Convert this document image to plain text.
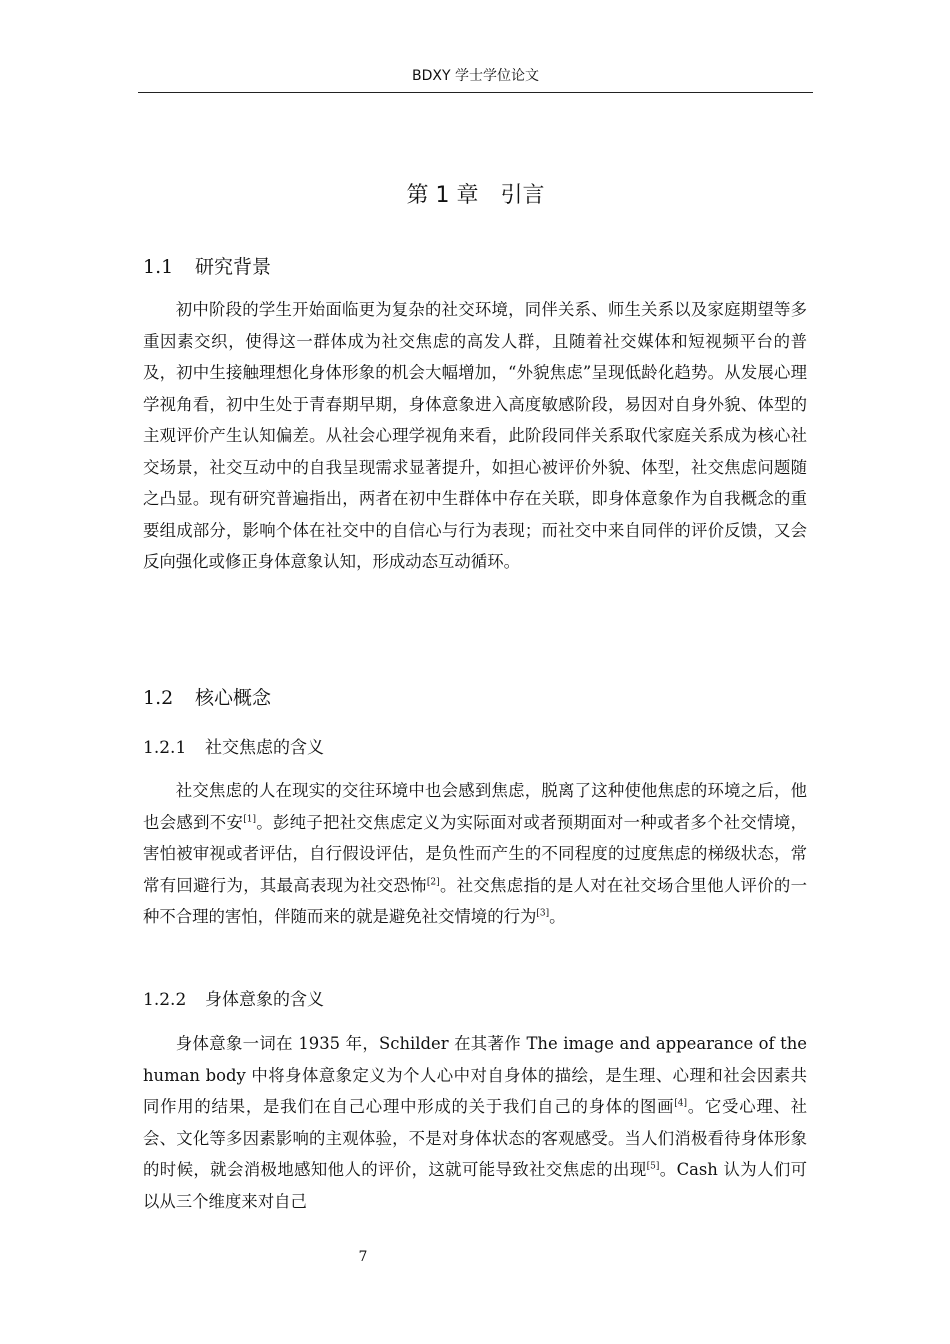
BDXY 学士学位论文
第 1 章 引言
1.1 研究背景

初中阶段的学生开始面临更为复杂的社交环境，同伴关系、师生关系以及家庭期望等多重因素交织，使得这一群体成为社交焦虑的高发人群，且随着社交媒体和短视频平台的普及，初中生接触理想化身体形象的机会大幅增加，“外貌焦虑”呈现低龄化趋势。从发展心理学视角看，初中生处于青春期早期，身体意象进入高度敏感阶段，易因对自身外貌、体型的主观评价产生认知偏差。从社会心理学视角来看，此阶段同伴关系取代家庭关系成为核心社交场景，社交互动中的自我呈现需求显著提升，如担心被评价外貌、体型，社交焦虑问题随之凸显。现有研究普遍指出，两者在初中生群体中存在关联，即身体意象作为自我概念的重要组成部分，影响个体在社交中的自信心与行为表现；而社交中来自同伴的评价反馈，又会反向强化或修正身体意象认知，形成动态互动循环。

1.2 核心概念
1.2.1 社交焦虑的含义

社交焦虑的人在现实的交往环境中也会感到焦虑，脱离了这种使他焦虑的环境之后，他也会感到不安[1]。彭纯子把社交焦虑定义为实际面对或者预期面对一种或者多个社交情境，害怕被审视或者评估，自行假设评估，是负性而产生的不同程度的过度焦虑的梯级状态，常常有回避行为，其最高表现为社交恐怖[2]。社交焦虑指的是人对在社交场合里他人评价的一种不合理的害怕，伴随而来的就是避免社交情境的行为[3]。

1.2.2 身体意象的含义

身体意象一词在 1935 年，Schilder 在其著作 The image and appearance of the human body 中将身体意象定义为个人心中对自身体的描绘，是生理、心理和社会因素共同作用的结果，是我们在自己心理中形成的关于我们自己的身体的图画[4]。它受心理、社会、文化等多因素影响的主观体验，不是对身体状态的客观感受。当人们消极看待身体形象的时候，就会消极地感知他人的评价，这就可能导致社交焦虑的出现[5]。Cash 认为人们可以从三个维度来对自己

7
